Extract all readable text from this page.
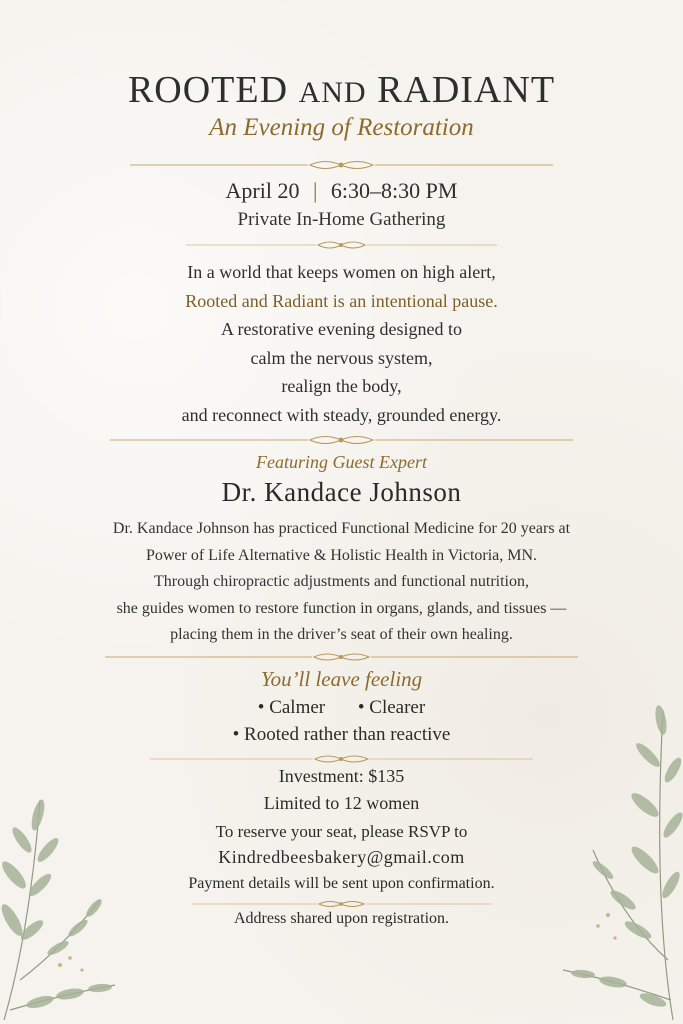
ROOTED AND RADIANT
An Evening of Restoration
April 20 | 6:30–8:30 PM
Private In-Home Gathering
In a world that keeps women on high alert,
Rooted and Radiant is an intentional pause.
A restorative evening designed to
calm the nervous system,
realign the body,
and reconnect with steady, grounded energy.
Featuring Guest Expert
Dr. Kandace Johnson
Dr. Kandace Johnson has practiced Functional Medicine for 20 years at
Power of Life Alternative & Holistic Health in Victoria, MN.
Through chiropractic adjustments and functional nutrition,
she guides women to restore function in organs, glands, and tissues —
placing them in the driver’s seat of their own healing.
You’ll leave feeling
• Calmer • Clearer
• Rooted rather than reactive
Investment: $135
Limited to 12 women
To reserve your seat, please RSVP to
Kindredbeesbakery@gmail.com
Payment details will be sent upon confirmation.
Address shared upon registration.
